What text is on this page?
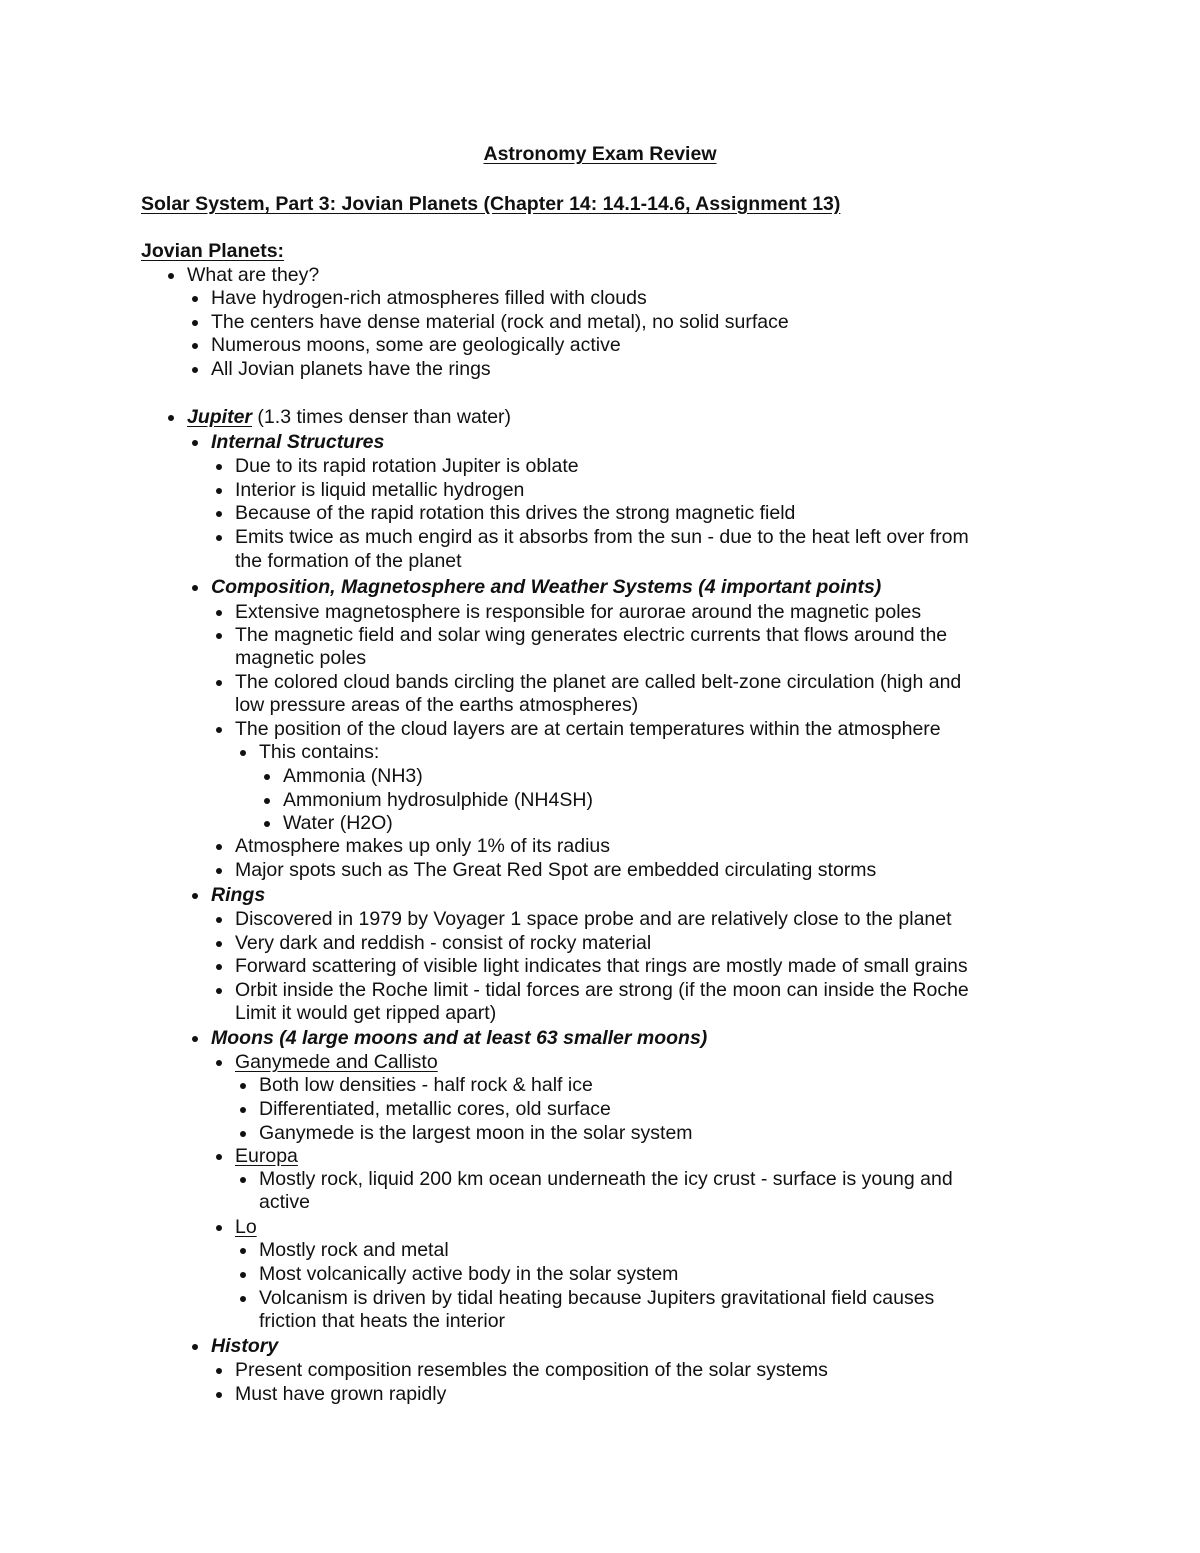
Astronomy Exam Review
Solar System, Part 3: Jovian Planets (Chapter 14: 14.1-14.6, Assignment 13)
Jovian Planets:
What are they?
Have hydrogen-rich atmospheres filled with clouds
The centers have dense material (rock and metal), no solid surface
Numerous moons, some are geologically active
All Jovian planets have the rings
Jupiter (1.3 times denser than water)
Internal Structures
Due to its rapid rotation Jupiter is oblate
Interior is liquid metallic hydrogen
Because of the rapid rotation this drives the strong magnetic field
Emits twice as much engird as it absorbs from the sun - due to the heat left over from
the formation of the planet
Composition, Magnetosphere and Weather Systems (4 important points)
Extensive magnetosphere is responsible for aurorae around the magnetic poles
The magnetic field and solar wing generates electric currents that flows around the
magnetic poles
The colored cloud bands circling the planet are called belt-zone circulation (high and
low pressure areas of the earths atmospheres)
The position of the cloud layers are at certain temperatures within the atmosphere
This contains:
Ammonia (NH3)
Ammonium hydrosulphide (NH4SH)
Water (H2O)
Atmosphere makes up only 1% of its radius
Major spots such as The Great Red Spot are embedded circulating storms
Rings
Discovered in 1979 by Voyager 1 space probe and are relatively close to the planet
Very dark and reddish - consist of rocky material
Forward scattering of visible light indicates that rings are mostly made of small grains
Orbit inside the Roche limit - tidal forces are strong (if the moon can inside the Roche
Limit it would get ripped apart)
Moons (4 large moons and at least 63 smaller moons)
Ganymede and Callisto
Both low densities - half rock & half ice
Differentiated, metallic cores, old surface
Ganymede is the largest moon in the solar system
Europa
Mostly rock, liquid 200 km ocean underneath the icy crust - surface is young and
active
Lo
Mostly rock and metal
Most volcanically active body in the solar system
Volcanism is driven by tidal heating because Jupiters gravitational field causes
friction that heats the interior
History
Present composition resembles the composition of the solar systems
Must have grown rapidly
